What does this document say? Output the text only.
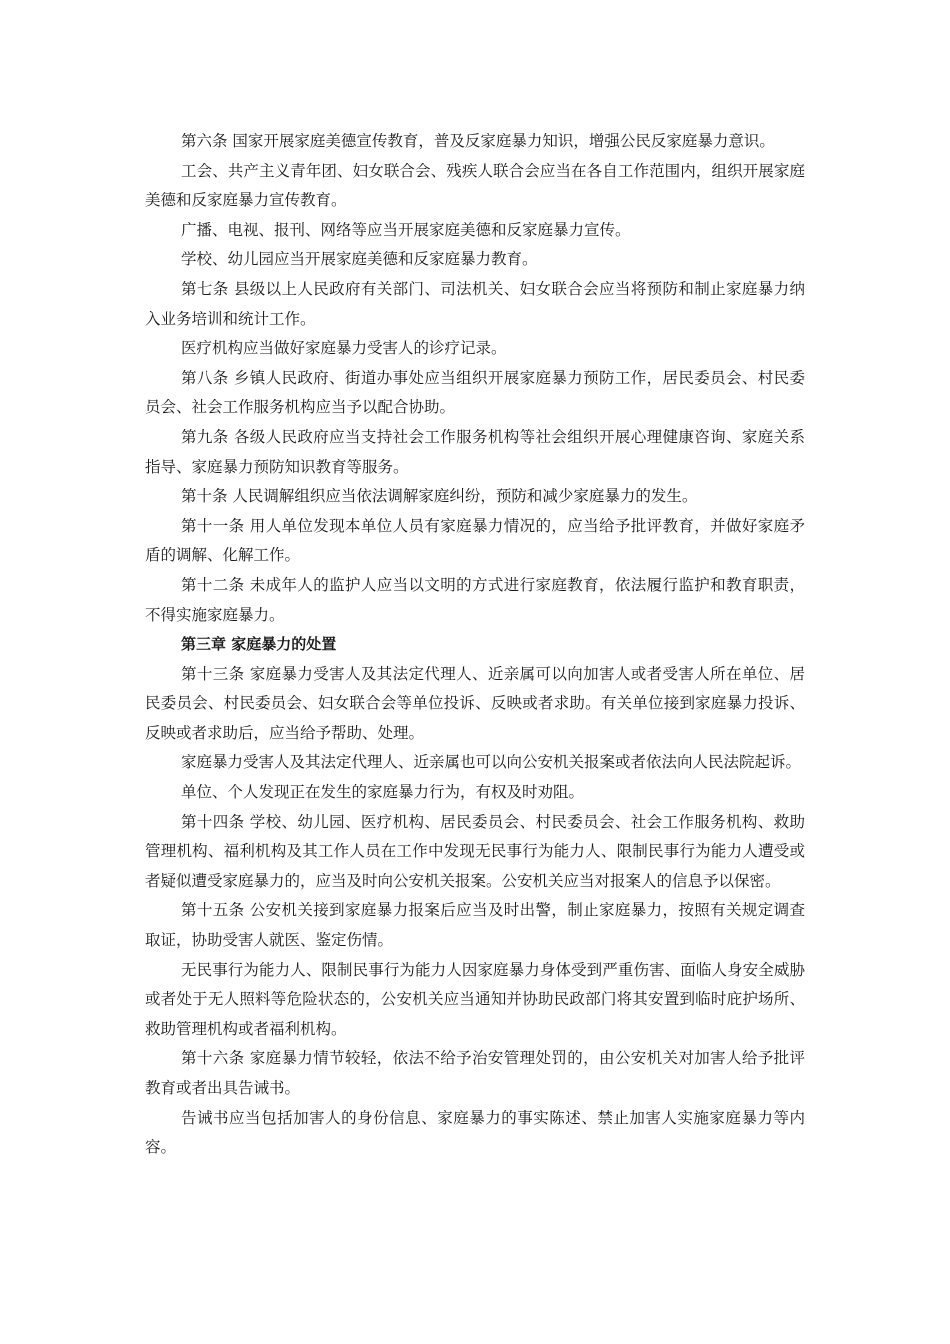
第六条 国家开展家庭美德宣传教育，普及反家庭暴力知识，增强公民反家庭暴力意识。

工会、共产主义青年团、妇女联合会、残疾人联合会应当在各自工作范围内，组织开展家庭美德和反家庭暴力宣传教育。

广播、电视、报刊、网络等应当开展家庭美德和反家庭暴力宣传。

学校、幼儿园应当开展家庭美德和反家庭暴力教育。

第七条 县级以上人民政府有关部门、司法机关、妇女联合会应当将预防和制止家庭暴力纳入业务培训和统计工作。

医疗机构应当做好家庭暴力受害人的诊疗记录。

第八条 乡镇人民政府、街道办事处应当组织开展家庭暴力预防工作，居民委员会、村民委员会、社会工作服务机构应当予以配合协助。

第九条 各级人民政府应当支持社会工作服务机构等社会组织开展心理健康咨询、家庭关系指导、家庭暴力预防知识教育等服务。

第十条 人民调解组织应当依法调解家庭纠纷，预防和减少家庭暴力的发生。

第十一条 用人单位发现本单位人员有家庭暴力情况的，应当给予批评教育，并做好家庭矛盾的调解、化解工作。

第十二条 未成年人的监护人应当以文明的方式进行家庭教育，依法履行监护和教育职责，不得实施家庭暴力。

第三章 家庭暴力的处置

第十三条 家庭暴力受害人及其法定代理人、近亲属可以向加害人或者受害人所在单位、居民委员会、村民委员会、妇女联合会等单位投诉、反映或者求助。有关单位接到家庭暴力投诉、反映或者求助后，应当给予帮助、处理。

家庭暴力受害人及其法定代理人、近亲属也可以向公安机关报案或者依法向人民法院起诉。

单位、个人发现正在发生的家庭暴力行为，有权及时劝阻。

第十四条 学校、幼儿园、医疗机构、居民委员会、村民委员会、社会工作服务机构、救助管理机构、福利机构及其工作人员在工作中发现无民事行为能力人、限制民事行为能力人遭受或者疑似遭受家庭暴力的，应当及时向公安机关报案。公安机关应当对报案人的信息予以保密。

第十五条 公安机关接到家庭暴力报案后应当及时出警，制止家庭暴力，按照有关规定调查取证，协助受害人就医、鉴定伤情。

无民事行为能力人、限制民事行为能力人因家庭暴力身体受到严重伤害、面临人身安全威胁或者处于无人照料等危险状态的，公安机关应当通知并协助民政部门将其安置到临时庇护场所、救助管理机构或者福利机构。

第十六条 家庭暴力情节较轻，依法不给予治安管理处罚的，由公安机关对加害人给予批评教育或者出具告诫书。

告诫书应当包括加害人的身份信息、家庭暴力的事实陈述、禁止加害人实施家庭暴力等内容。
